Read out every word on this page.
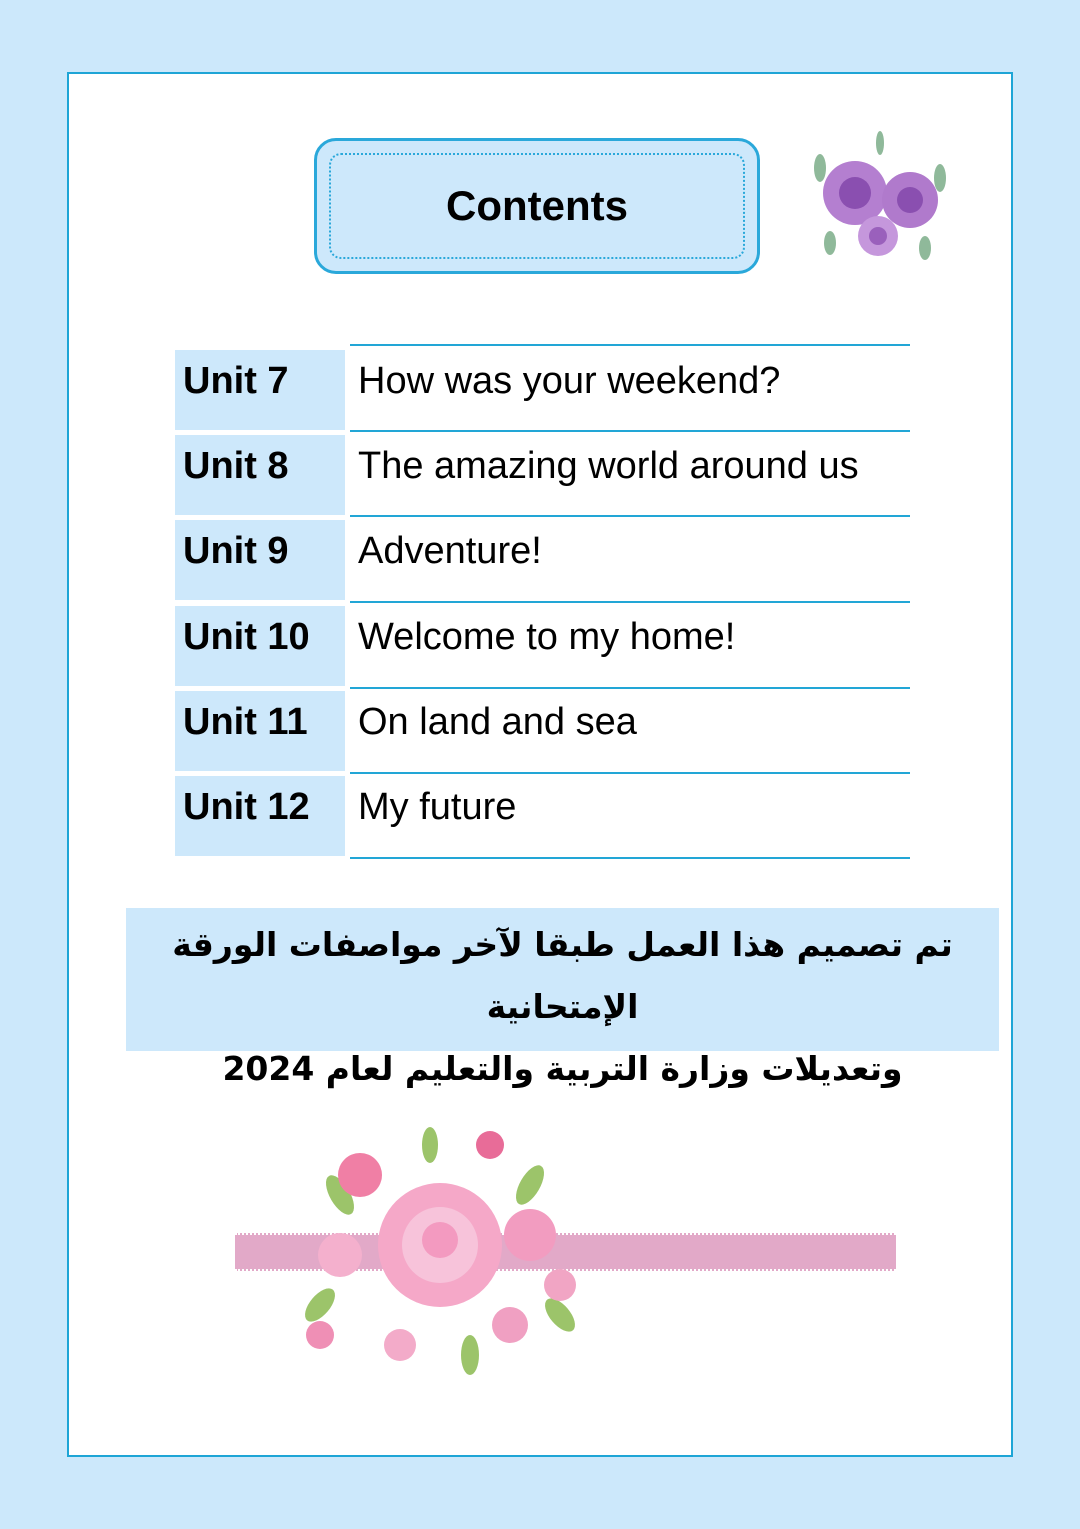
Contents
Unit 7	How was your weekend?
Unit 8	The amazing world around us
Unit 9	Adventure!
Unit 10	Welcome to my home!
Unit 11	On land and sea
Unit 12	My future
تم تصميم هذا العمل طبقا لآخر مواصفات الورقة الإمتحانية
وتعديلات وزارة التربية والتعليم لعام 2024
